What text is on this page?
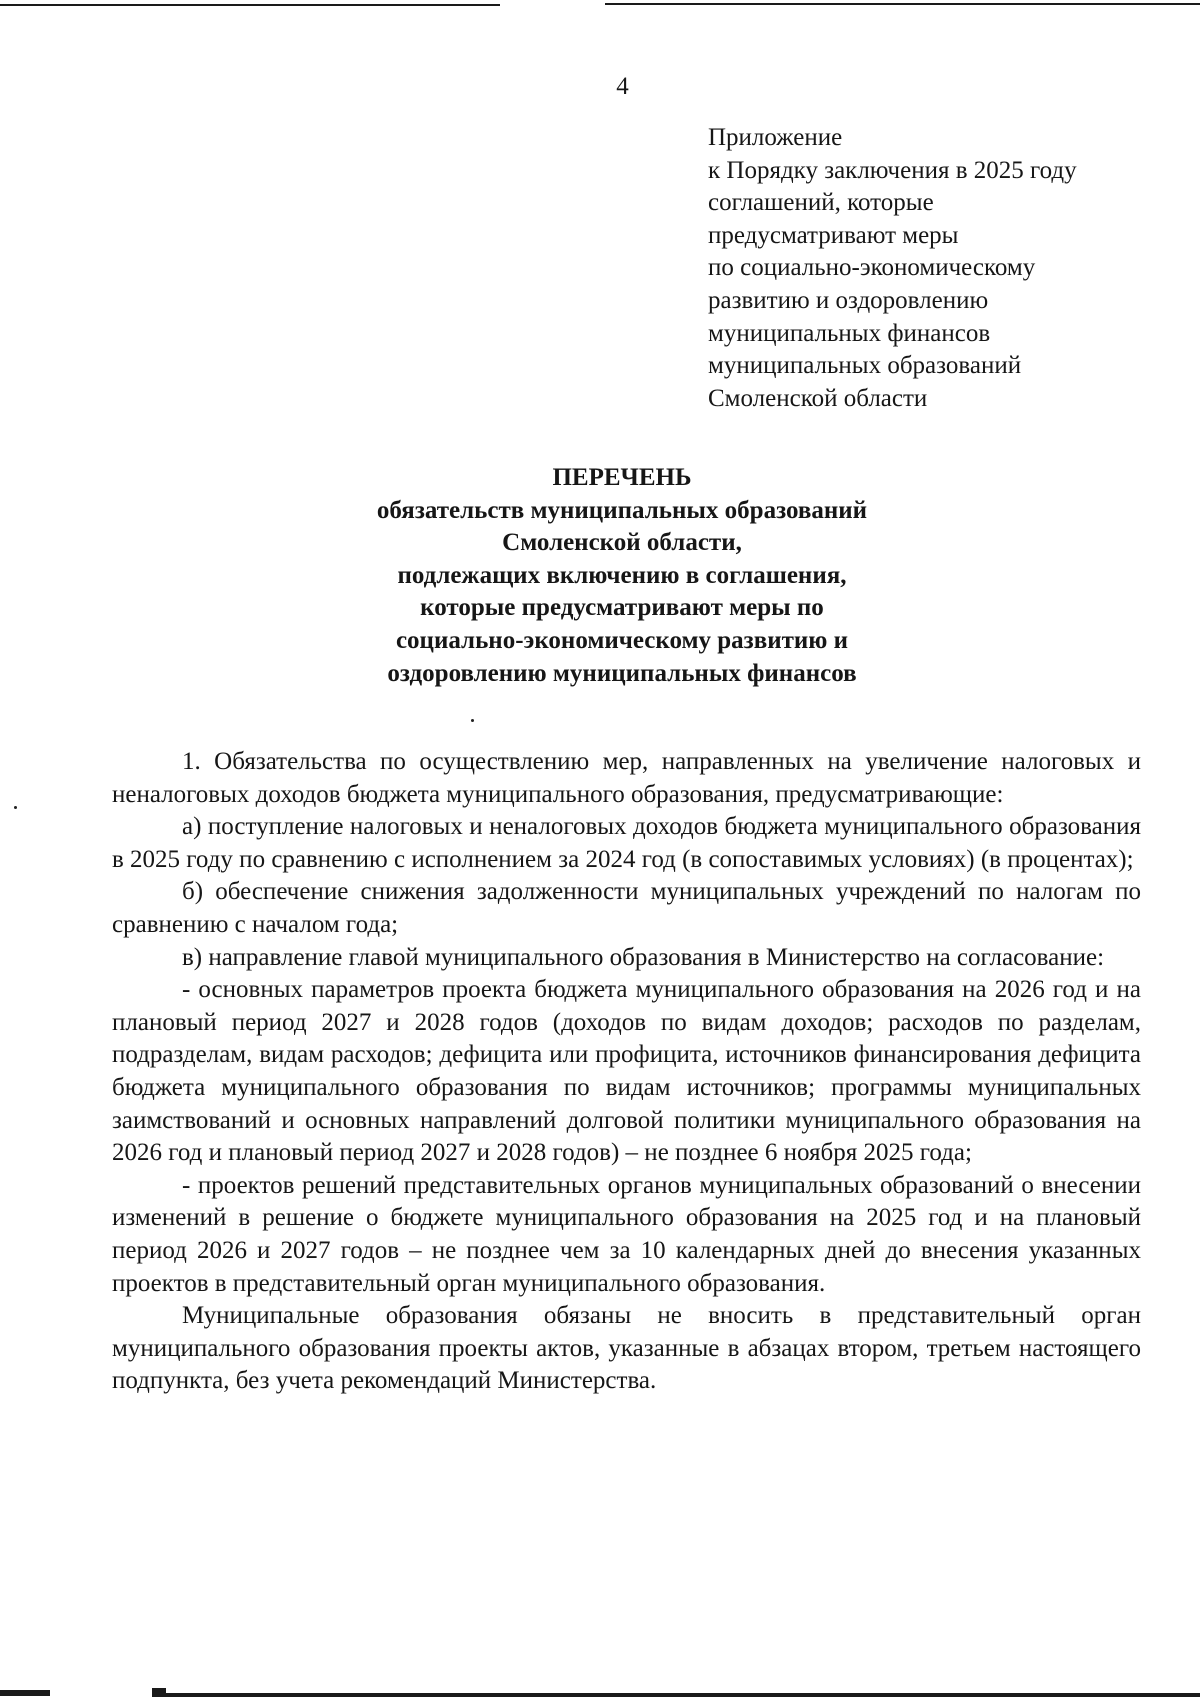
4
Приложение
к Порядку заключения в 2025 году
соглашений, которые
предусматривают меры
по социально-экономическому
развитию и оздоровлению
муниципальных финансов
муниципальных образований
Смоленской области
ПЕРЕЧЕНЬ
обязательств муниципальных образований
Смоленской области,
подлежащих включению в соглашения,
которые предусматривают меры по
социально-экономическому развитию и
оздоровлению муниципальных финансов

1. Обязательства по осуществлению мер, направленных на увеличение налоговых и неналоговых доходов бюджета муниципального образования, предусматривающие:

а) поступление налоговых и неналоговых доходов бюджета муниципального образования в 2025 году по сравнению с исполнением за 2024 год (в сопоставимых условиях) (в процентах);

б) обеспечение снижения задолженности муниципальных учреждений по налогам по сравнению с началом года;

в) направление главой муниципального образования в Министерство на согласование:

- основных параметров проекта бюджета муниципального образования на 2026 год и на плановый период 2027 и 2028 годов (доходов по видам доходов; расходов по разделам, подразделам, видам расходов; дефицита или профицита, источников финансирования дефицита бюджета муниципального образования по видам источников; программы муниципальных заимствований и основных направлений долговой политики муниципального образования на 2026 год и плановый период 2027 и 2028 годов) – не позднее 6 ноября 2025 года;

- проектов решений представительных органов муниципальных образований о внесении изменений в решение о бюджете муниципального образования на 2025 год и на плановый период 2026 и 2027 годов – не позднее чем за 10 календарных дней до внесения указанных проектов в представительный орган муниципального образования.

Муниципальные образования обязаны не вносить в представительный орган муниципального образования проекты актов, указанные в абзацах втором, третьем настоящего подпункта, без учета рекомендаций Министерства.
